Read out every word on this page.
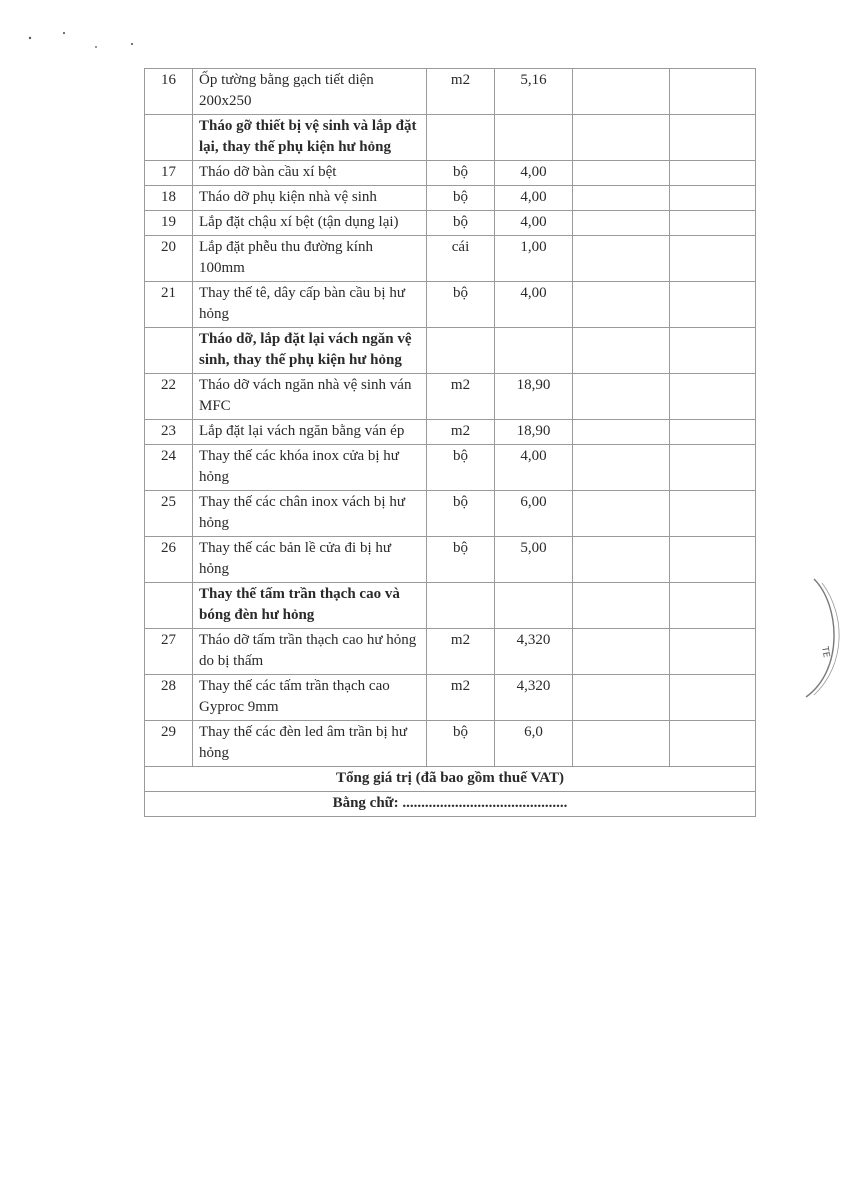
16	Ốp tường bằng gạch tiết diện 200x250	m2	5,16		
	Tháo gỡ thiết bị vệ sinh và lắp đặt lại, thay thế phụ kiện hư hỏng				
17	Tháo dỡ bàn cầu xí bệt	bộ	4,00		
18	Tháo dỡ phụ kiện nhà vệ sinh	bộ	4,00		
19	Lắp đặt chậu xí bệt (tận dụng lại)	bộ	4,00		
20	Lắp đặt phễu thu đường kính 100mm	cái	1,00		
21	Thay thế tê, dây cấp bàn cầu bị hư hỏng	bộ	4,00		
	Tháo dỡ, lắp đặt lại vách ngăn vệ sinh, thay thế phụ kiện hư hỏng				
22	Tháo dỡ vách ngăn nhà vệ sinh ván MFC	m2	18,90		
23	Lắp đặt lại vách ngăn bằng ván ép	m2	18,90		
24	Thay thế các khóa inox cửa bị hư hỏng	bộ	4,00		
25	Thay thế các chân inox vách bị hư hỏng	bộ	6,00		
26	Thay thế các bản lề cửa đi bị hư hỏng	bộ	5,00		
	Thay thế tấm trần thạch cao và bóng đèn hư hỏng				
27	Tháo dỡ tấm trần thạch cao hư hỏng do bị thấm	m2	4,320		
28	Thay thế các tấm trần thạch cao Gyproc 9mm	m2	4,320		
29	Thay thế các đèn led âm trần bị hư hỏng	bộ	6,0		
Tổng giá trị (đã bao gồm thuế VAT)					
Bằng chữ: ............................................					
TE
